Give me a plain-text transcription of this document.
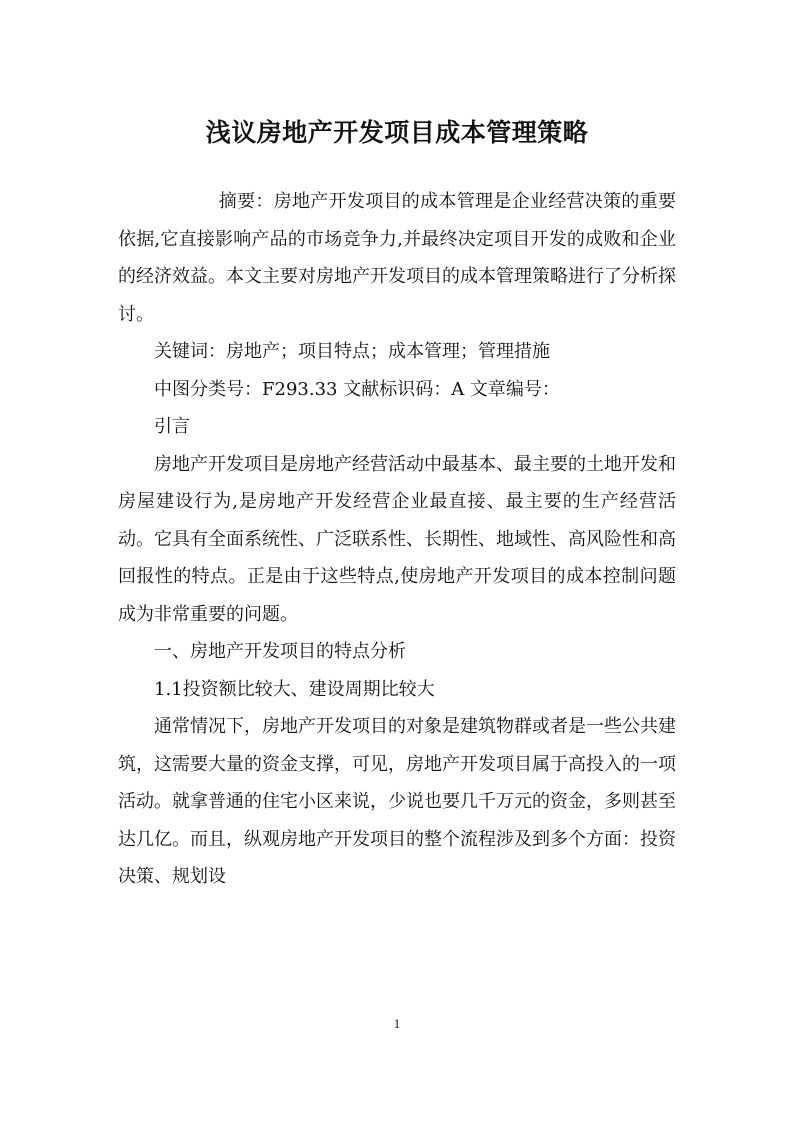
浅议房地产开发项目成本管理策略

摘要：房地产开发项目的成本管理是企业经营决策的重要依据,它直接影响产品的市场竞争力,并最终决定项目开发的成败和企业的经济效益。本文主要对房地产开发项目的成本管理策略进行了分析探讨。

关键词：房地产；项目特点；成本管理；管理措施

中图分类号：F293.33 文献标识码：A 文章编号：

引言

房地产开发项目是房地产经营活动中最基本、最主要的土地开发和房屋建设行为,是房地产开发经营企业最直接、最主要的生产经营活动。它具有全面系统性、广泛联系性、长期性、地域性、高风险性和高回报性的特点。正是由于这些特点,使房地产开发项目的成本控制问题成为非常重要的问题。

一、房地产开发项目的特点分析

1.1投资额比较大、建设周期比较大

通常情况下，房地产开发项目的对象是建筑物群或者是一些公共建筑，这需要大量的资金支撑，可见，房地产开发项目属于高投入的一项活动。就拿普通的住宅小区来说，少说也要几千万元的资金，多则甚至达几亿。而且，纵观房地产开发项目的整个流程涉及到多个方面：投资决策、规划设

1
